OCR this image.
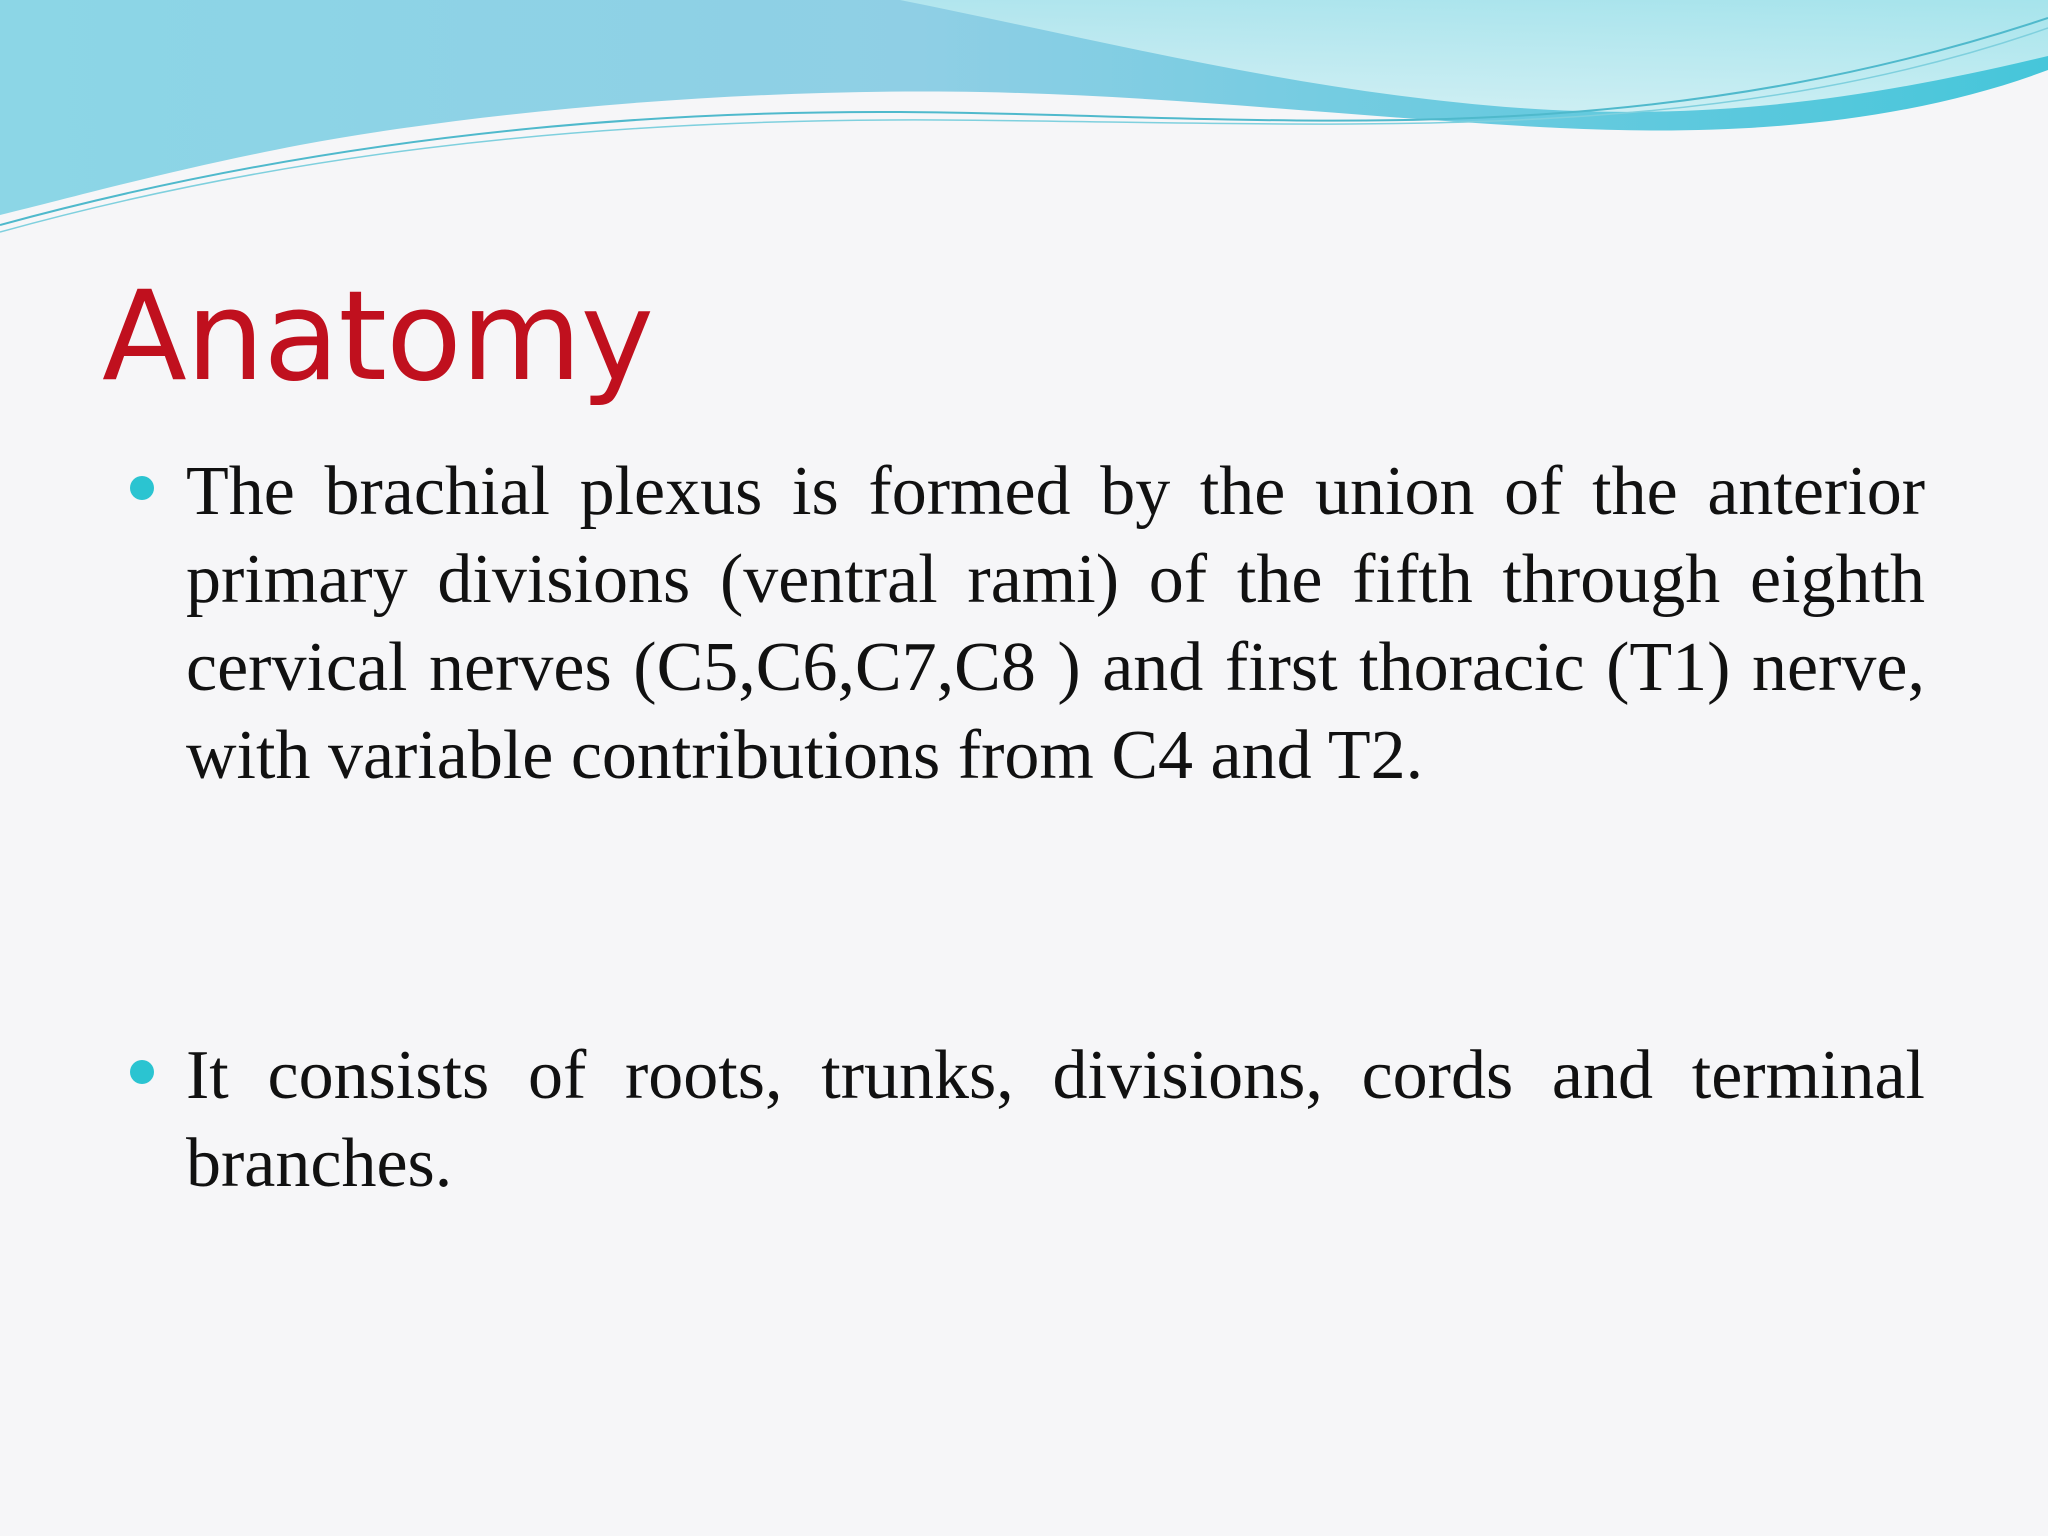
Anatomy
The brachial plexus is formed by the union of the anterior primary divisions (ventral rami) of the fifth through eighth cervical nerves (C5,C6,C7,C8 ) and first thoracic (T1) nerve, with variable contributions from C4 and T2.
It consists of roots, trunks, divisions, cords and terminal branches.
